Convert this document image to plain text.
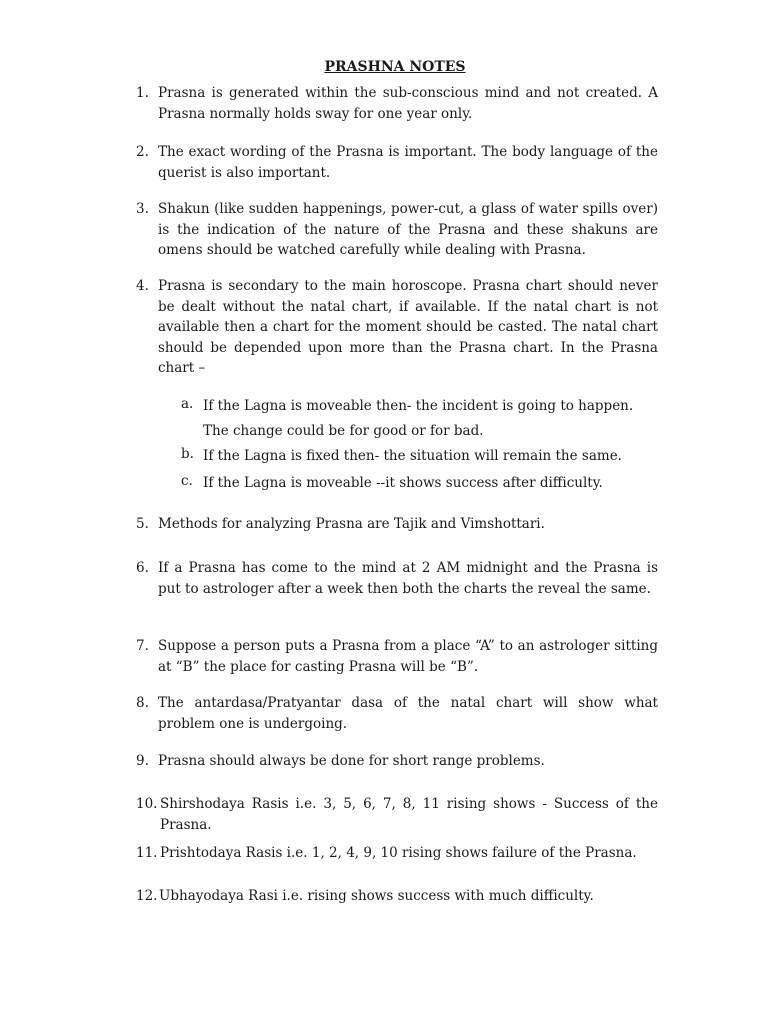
PRASHNA NOTES
1. Prasna is generated within the sub-conscious mind and not created. A Prasna normally holds sway for one year only.
2. The exact wording of the Prasna is important. The body language of the querist is also important.
3. Shakun (like sudden happenings, power-cut, a glass of water spills over) is the indication of the nature of the Prasna and these shakuns are omens should be watched carefully while dealing with Prasna.
4. Prasna is secondary to the main horoscope. Prasna chart should never be dealt without the natal chart, if available. If the natal chart is not available then a chart for the moment should be casted. The natal chart should be depended upon more than the Prasna chart. In the Prasna chart –
a. If the Lagna is moveable then- the incident is going to happen. The change could be for good or for bad.
b. If the Lagna is fixed then- the situation will remain the same.
c. If the Lagna is moveable --it shows success after difficulty.
5. Methods for analyzing Prasna are Tajik and Vimshottari.
6. If a Prasna has come to the mind at 2 AM midnight and the Prasna is put to astrologer after a week then both the charts the reveal the same.
7. Suppose a person puts a Prasna from a place “A” to an astrologer sitting at “B” the place for casting Prasna will be “B”.
8. The antardasa/Pratyantar dasa of the natal chart will show what problem one is undergoing.
9. Prasna should always be done for short range problems.
10. Shirshodaya Rasis i.e. 3, 5, 6, 7, 8, 11 rising shows - Success of the Prasna.
11. Prishtodaya Rasis i.e. 1, 2, 4, 9, 10 rising shows failure of the Prasna.
12. Ubhayodaya Rasi i.e. rising shows success with much difficulty.
